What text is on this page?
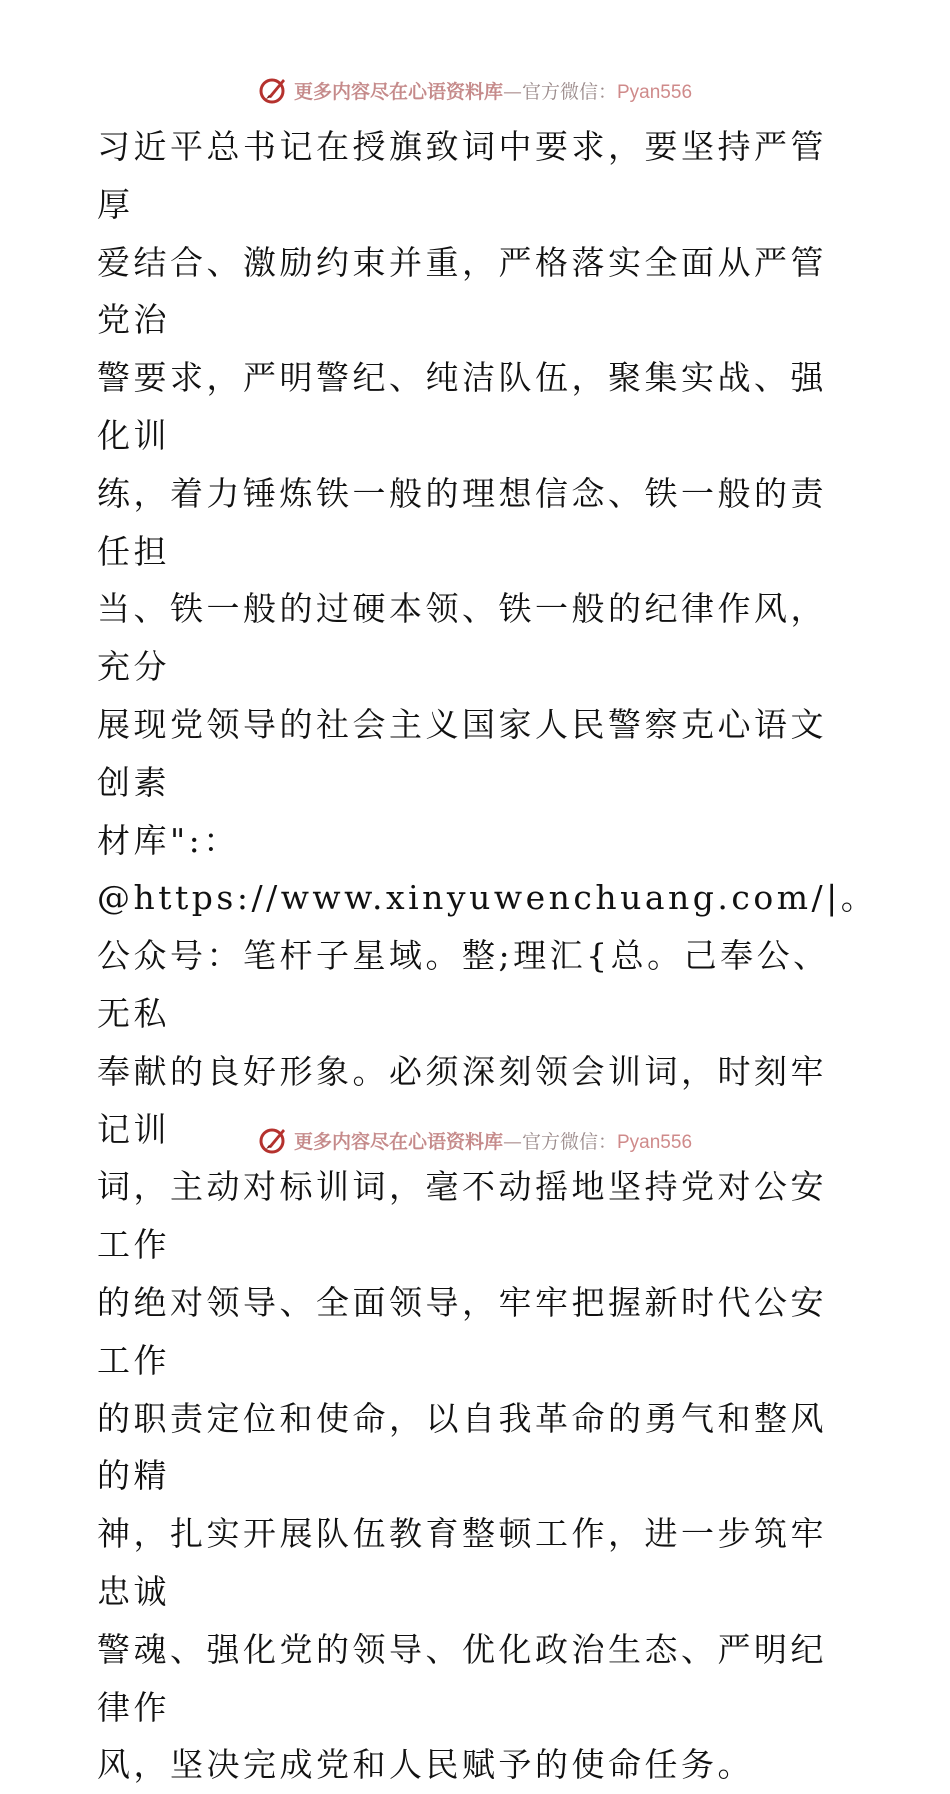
更多内容尽在心语资料库—官方微信：Pyan556

习近平总书记在授旗致词中要求，要坚持严管厚
爱结合、激励约束并重，严格落实全面从严管党治
警要求，严明警纪、纯洁队伍，聚集实战、强化训
练，着力锤炼铁一般的理想信念、铁一般的责任担
当、铁一般的过硬本领、铁一般的纪律作风，充分
展现党领导的社会主义国家人民警察克心语文创素
材库":：@https://www.xinyuwenchuang.com/|。
公众号：笔杆子星域。整;理汇{总。己奉公、无私
奉献的良好形象。必须深刻领会训词，时刻牢记训
词，主动对标训词，毫不动摇地坚持党对公安工作
的绝对领导、全面领导，牢牢把握新时代公安工作
的职责定位和使命，以自我革命的勇气和整风的精
神，扎实开展队伍教育整顿工作，进一步筑牢忠诚
警魂、强化党的领导、优化政治生态、严明纪律作
风，坚决完成党和人民赋予的使命任务。

更多内容尽在心语资料库—官方微信：Pyan556
